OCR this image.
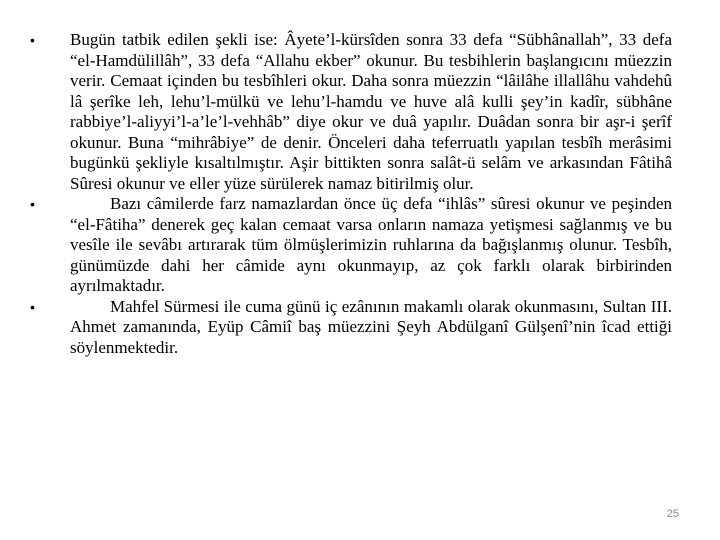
•	Bugün tatbik edilen şekli ise: Âyete’l-kürsîden sonra 33 defa “Sübhânallah”, 33 defa “el-Hamdülillâh”, 33 defa “Allahu ekber” okunur. Bu tesbihlerin başlangıcını müezzin verir. Cemaat içinden bu tesbîhleri okur. Daha sonra müezzin “lâilâhe illallâhu vahdehû lâ şerîke leh, lehu’l-mülkü ve lehu’l-hamdu ve huve alâ kulli şey’in kadîr, sübhâne rabbiye’l-aliyyi’l-a’le’l-vehhâb” diye okur ve duâ yapılır. Duâdan sonra bir aşr-i şerîf okunur. Buna “mihrâbiye” de denir. Önceleri daha teferruatlı yapılan tesbîh merâsimi bugünkü şekliyle kısaltılmıştır. Aşir bittikten sonra salât-ü selâm ve arkasından Fâtihâ Sûresi okunur ve eller yüze sürülerek namaz bitirilmiş olur.
•	Bazı câmilerde farz namazlardan önce üç defa “ihlâs” sûresi okunur ve peşinden “el-Fâtiha” denerek geç kalan cemaat varsa onların namaza yetişmesi sağlanmış ve bu vesîle ile sevâbı artırarak tüm ölmüşlerimizin ruhlarına da bağışlanmış olunur. Tesbîh, günümüzde dahi her câmide aynı okunmayıp, az çok farklı olarak birbirinden ayrılmaktadır.
•	Mahfel Sürmesi ile cuma günü iç ezânının makamlı olarak okunmasını, Sultan III. Ahmet zamanında, Eyüp Câmiî baş müezzini Şeyh Abdülganî Gülşenî’nin îcad ettiği söylenmektedir.
25
